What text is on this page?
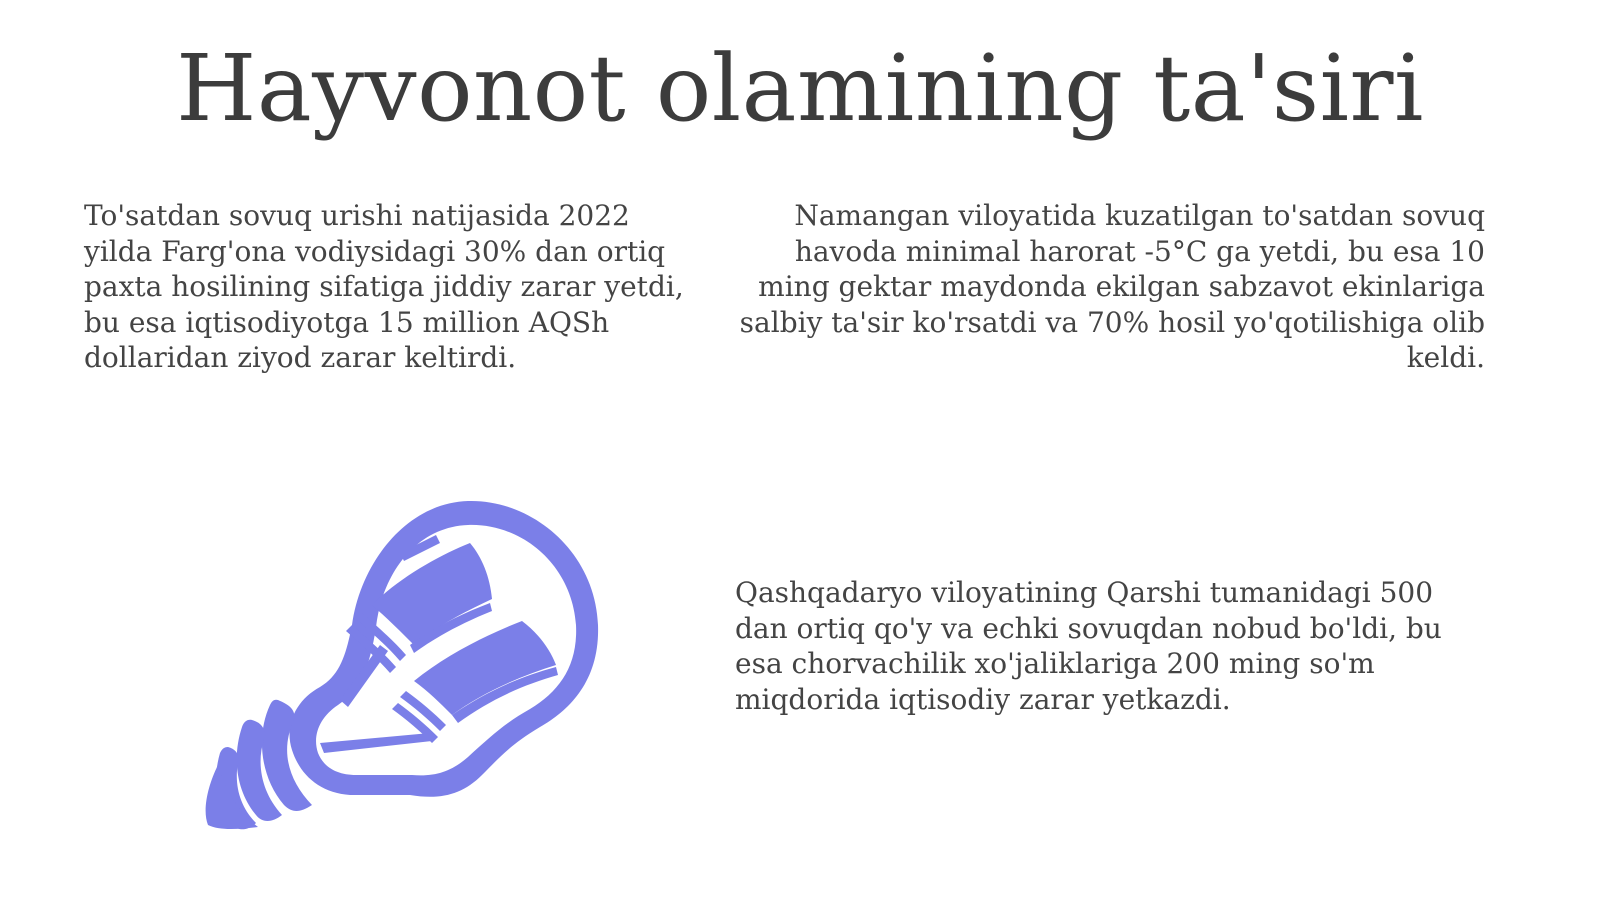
Hayvonot olamining ta'siri
To'satdan sovuq urishi natijasida 2022 yilda Farg'ona vodiysidagi 30% dan ortiq paxta hosilining sifatiga jiddiy zarar yetdi, bu esa iqtisodiyotga 15 million AQSh dollaridan ziyod zarar keltirdi.
Namangan viloyatida kuzatilgan to'satdan sovuq havoda minimal harorat -5°C ga yetdi, bu esa 10 ming gektar maydonda ekilgan sabzavot ekinlariga salbiy ta'sir ko'rsatdi va 70% hosil yo'qotilishiga olib keldi.
Qashqadaryo viloyatining Qarshi tumanidagi 500 dan ortiq qo'y va echki sovuqdan nobud bo'ldi, bu esa chorvachilik xo'jaliklariga 200 ming so'm miqdorida iqtisodiy zarar yetkazdi.
